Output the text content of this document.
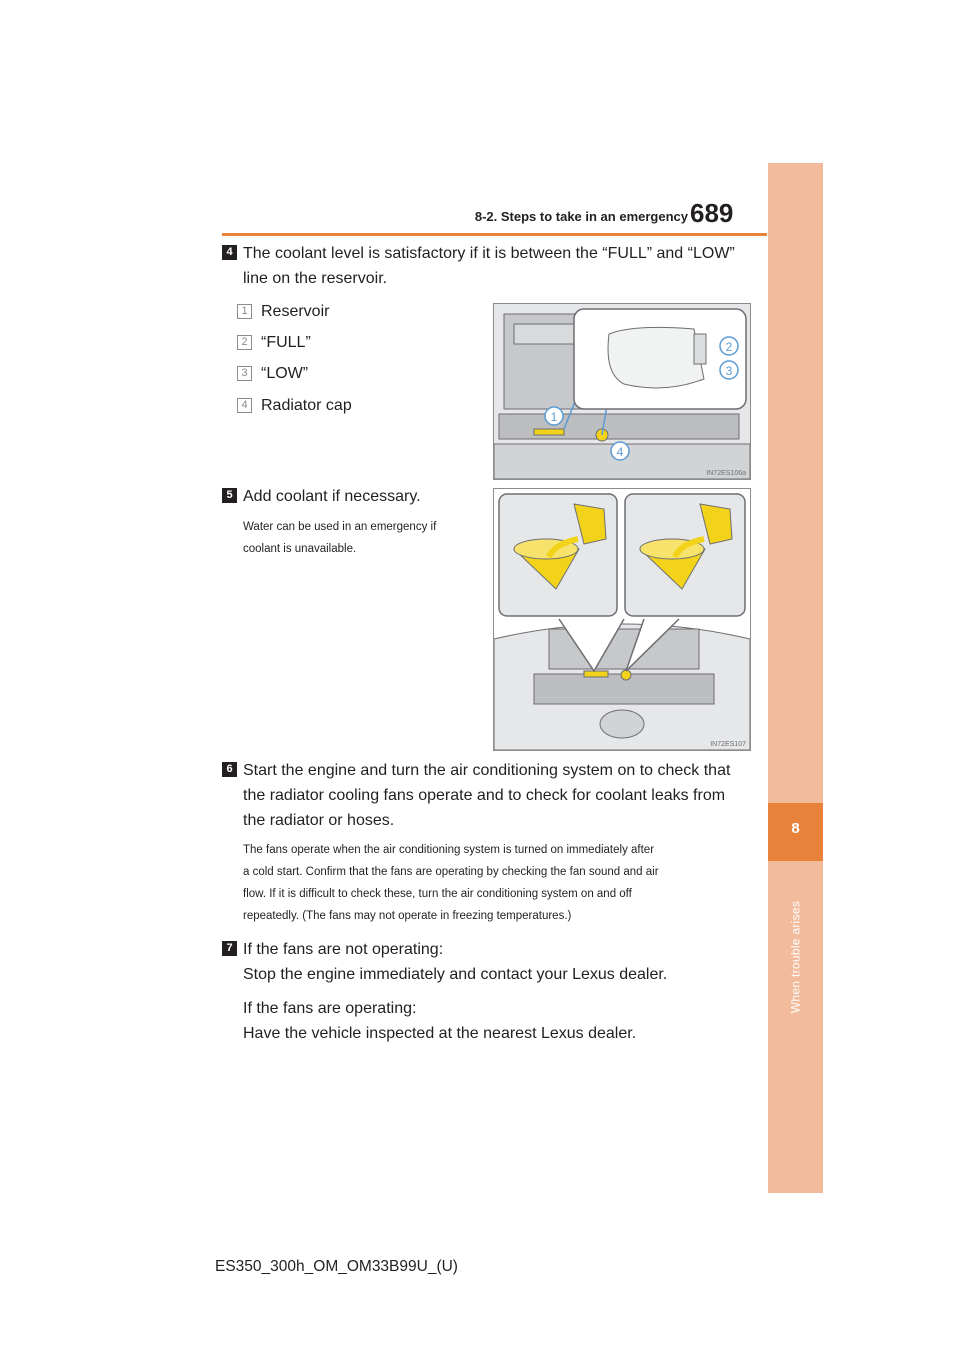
8-2. Steps to take in an emergency 689
8
When trouble arises
4 The coolant level is satisfactory if it is between the “FULL” and “LOW”
line on the reservoir.
1 Reservoir
2 “FULL”
3 “LOW”
4 Radiator cap
2
3
1
4
IN72ES106a
5 Add coolant if necessary.
Water can be used in an emergency if
coolant is unavailable.
IN72ES107
6 Start the engine and turn the air conditioning system on to check that
the radiator cooling fans operate and to check for coolant leaks from
the radiator or hoses.
The fans operate when the air conditioning system is turned on immediately after
a cold start. Confirm that the fans are operating by checking the fan sound and air
flow. If it is difficult to check these, turn the air conditioning system on and off
repeatedly. (The fans may not operate in freezing temperatures.)
7 If the fans are not operating:
Stop the engine immediately and contact your Lexus dealer.
If the fans are operating:
Have the vehicle inspected at the nearest Lexus dealer.
ES350_300h_OM_OM33B99U_(U)
